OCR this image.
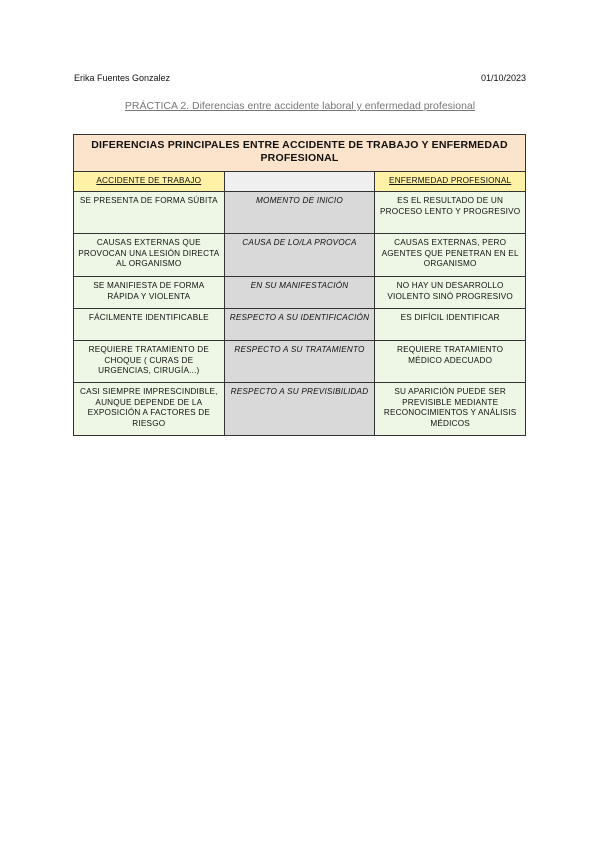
Erika Fuentes Gonzalez	01/10/2023
PRÁCTICA 2. Diferencias entre accidente laboral y enfermedad profesional
DIFERENCIAS PRINCIPALES ENTRE ACCIDENTE DE TRABAJO Y ENFERMEDAD PROFESIONAL		
ACCIDENTE DE TRABAJO		ENFERMEDAD PROFESIONAL
SE PRESENTA DE FORMA SÚBITA	MOMENTO DE INICIO	ES EL RESULTADO DE UN PROCESO LENTO Y PROGRESIVO
CAUSAS EXTERNAS QUE PROVOCAN UNA LESIÓN DIRECTA AL ORGANISMO	CAUSA DE LO/LA PROVOCA	CAUSAS EXTERNAS, PERO AGENTES QUE PENETRAN EN EL ORGANISMO
SE MANIFIESTA DE FORMA RÁPIDA Y VIOLENTA	EN SU MANIFESTACIÓN	NO HAY UN DESARROLLO VIOLENTO SINÓ PROGRESIVO
FÁCILMENTE IDENTIFICABLE	RESPECTO A SU IDENTIFICACIÓN	ES DIFÍCIL IDENTIFICAR
REQUIERE TRATAMIENTO DE CHOQUE ( CURAS DE URGENCIAS, CIRUGÍA...)	RESPECTO A SU TRATAMIENTO	REQUIERE TRATAMIENTO MÉDICO ADECUADO
CASI SIEMPRE IMPRESCINDIBLE, AUNQUE DEPENDE DE LA EXPOSICIÓN A FACTORES DE RIESGO	RESPECTO A SU PREVISIBILIDAD	SU APARICIÓN PUEDE SER PREVISIBLE MEDIANTE RECONOCIMIENTOS Y ANÁLISIS MÉDICOS
